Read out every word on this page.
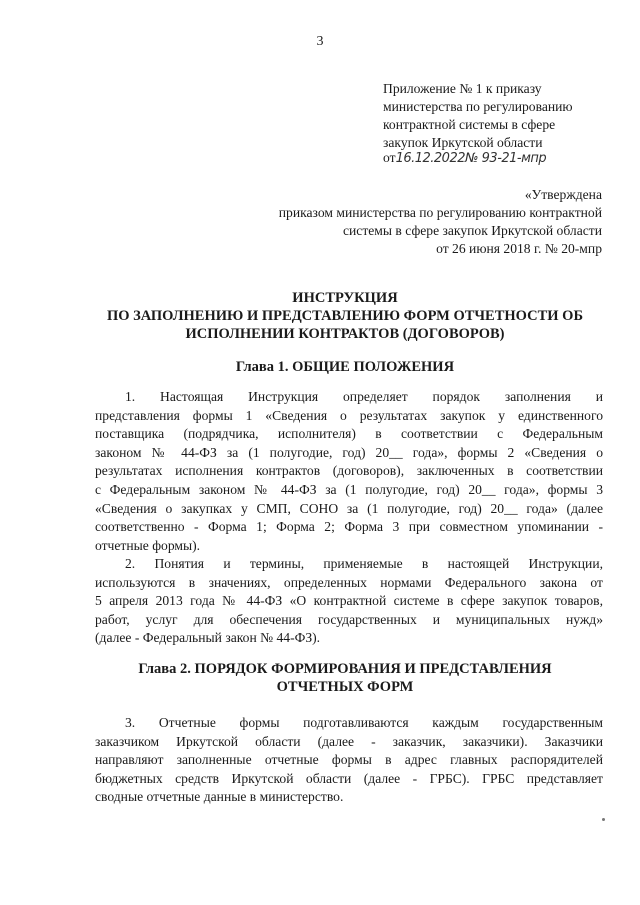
3
Приложение № 1 к приказу
министерства по регулированию
контрактной системы в сфере
закупок Иркутской области
от16.12.2022№ 93-21-мпр
«Утверждена
приказом министерства по регулированию контрактной
системы в сфере закупок Иркутской области
от 26 июня 2018 г. № 20-мпр
ИНСТРУКЦИЯ
ПО ЗАПОЛНЕНИЮ И ПРЕДСТАВЛЕНИЮ ФОРМ ОТЧЕТНОСТИ ОБ
ИСПОЛНЕНИИ КОНТРАКТОВ (ДОГОВОРОВ)
Глава 1. ОБЩИЕ ПОЛОЖЕНИЯ
1. Настоящая Инструкция определяет порядок заполнения и
представления формы 1 «Сведения о результатах закупок у единственного
поставщика (подрядчика, исполнителя) в соответствии с Федеральным
законом № 44-ФЗ за (1 полугодие, год) 20__ года», формы 2 «Сведения о
результатах исполнения контрактов (договоров), заключенных в соответствии
с Федеральным законом № 44-ФЗ за (1 полугодие, год) 20__ года», формы 3
«Сведения о закупках у СМП, СОНО за (1 полугодие, год) 20__ года» (далее
соответственно - Форма 1; Форма 2; Форма 3 при совместном упоминании -
отчетные формы).
2. Понятия и термины, применяемые в настоящей Инструкции,
используются в значениях, определенных нормами Федерального закона от
5 апреля 2013 года № 44-ФЗ «О контрактной системе в сфере закупок товаров,
работ, услуг для обеспечения государственных и муниципальных нужд»
(далее - Федеральный закон № 44-ФЗ).
Глава 2. ПОРЯДОК ФОРМИРОВАНИЯ И ПРЕДСТАВЛЕНИЯ
ОТЧЕТНЫХ ФОРМ
3. Отчетные формы подготавливаются каждым государственным
заказчиком Иркутской области (далее - заказчик, заказчики). Заказчики
направляют заполненные отчетные формы в адрес главных распорядителей
бюджетных средств Иркутской области (далее - ГРБС). ГРБС представляет
сводные отчетные данные в министерство.
